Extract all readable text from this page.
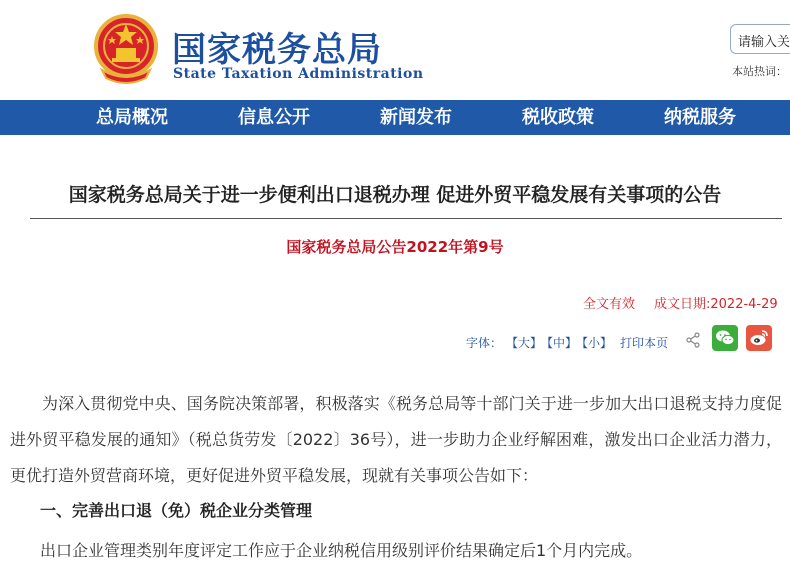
国家税务总局
State Taxation Administration
请输入关
本站热词：
总局概况	信息公开	新闻发布	税收政策	纳税服务
国家税务总局关于进一步便利出口退税办理 促进外贸平稳发展有关事项的公告
国家税务总局公告2022年第9号
全文有效 成文日期:2022-4-29
字体： 【大】
【中】
【小】 打印本页
为深入贯彻党中央、国务院决策部署，积极落实《税务总局等十部门关于进一步加大出口退税支持力度促进外贸平稳发展的通知》（税总货劳发〔2022〕36号），进一步助力企业纾解困难，激发出口企业活力潜力，更优打造外贸营商环境，更好促进外贸平稳发展，现就有关事项公告如下：
一、完善出口退（免）税企业分类管理
出口企业管理类别年度评定工作应于企业纳税信用级别评价结果确定后1个月内完成。
